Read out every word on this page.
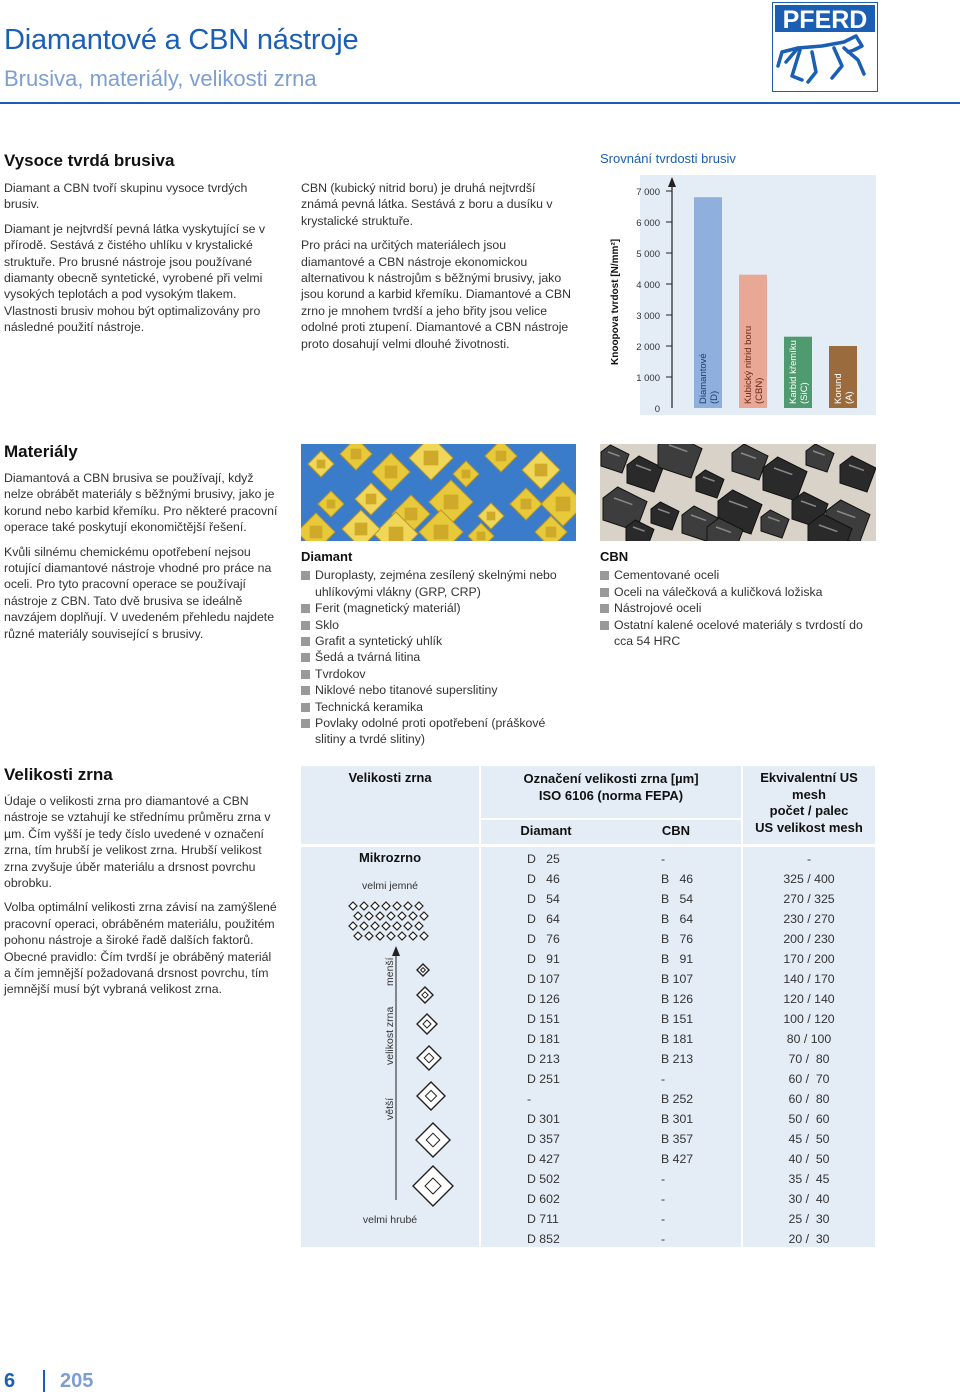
Diamantové a CBN nástroje
Brusiva, materiály, velikosti zrna
PFERD
Vysoce tvrdá brusiva

Diamant a CBN tvoří skupinu vysoce tvrdých brusiv.

Diamant je nejtvrdší pevná látka vyskytující se v přírodě. Sestává z čistého uhlíku v krystalické struktuře. Pro brusné nástroje jsou používané diamanty obecně syntetické, vyrobené při velmi vysokých teplotách a pod vysokým tlakem. Vlastnosti brusiv mohou být optimalizovány pro následné použití nástroje.

CBN (kubický nitrid boru) je druhá nejtvrdší známá pevná látka. Sestává z boru a dusíku v krystalické struktuře.

Pro práci na určitých materiálech jsou diamantové a CBN nástroje ekonomickou alternativou k nástrojům s běžnými brusivy, jako jsou korund a karbid křemíku. Diamantové a CBN zrno je mnohem tvrdší a jeho břity jsou velice odolné proti ztupení. Diamantové a CBN nástroje proto dosahují velmi dlouhé životnosti.

Srovnání tvrdosti brusiv
7 000
6 000
5 000
4 000
3 000
2 000
1 000
0
Knoopova tvrdost [N/mm²]
Diamantové(D) Kubický nitrid boru(CBN) Karbid křemíku(SiC) Korund(A)
Materiály

Diamantová a CBN brusiva se používají, když nelze obrábět materiály s běžnými brusivy, jako je korund nebo karbid křemíku. Pro některé pracovní operace také poskytují ekonomičtější řešení.

Kvůli silnému chemickému opotřebení nejsou rotující diamantové nástroje vhodné pro práce na oceli. Pro tyto pracovní operace se používají nástroje z CBN. Tato dvě brusiva se ideálně navzájem doplňují. V uvedeném přehledu najdete různé materiály související s brusivy.

Diamant
Duroplasty, zejména zesílený skelnými nebo uhlíkovými vlákny (GRP, CRP)
Ferit (magnetický materiál)
Sklo
Grafit a syntetický uhlík
Šedá a tvárná litina
Tvrdokov
Niklové nebo titanové superslitiny
Technická keramika
Povlaky odolné proti opotřebení (práškové slitiny a tvrdé slitiny)
CBN
Cementované oceli
Oceli na válečková a kuličková ložiska
Nástrojové oceli
Ostatní kalené ocelové materiály s tvrdostí do cca 54 HRC
Velikosti zrna

Údaje o velikosti zrna pro diamantové a CBN nástroje se vztahují ke střednímu průměru zrna v µm. Čím vyšší je tedy číslo uvedené v označení zrna, tím hrubší je velikost zrna. Hrubší velikost zrna zvyšuje úběr materiálu a drsnost povrchu obrobku.

Volba optimální velikosti zrna závisí na zamýšlené pracovní operaci, obráběném materiálu, použitém pohonu nástroje a široké řadě dalších faktorů. Obecné pravidlo: Čím tvrdší je obráběný materiál a čím jemnější požadovaná drsnost povrchu, tím jemnější musí být vybraná velikost zrna.

Velikosti zrna	Označení velikosti zrna [µm]
ISO 6106 (norma FEPA)
Ekvivalentní US
mesh
počet / palec
US velikost mesh
Diamant	CBN
Mikrozrno
velmi jemné
velmi hrubé
menší
velikost zrna
větší
D   25	-	-
D   46	B   46	325 / 400
D   54	B   54	270 / 325
D   64	B   64	230 / 270
D   76	B   76	200 / 230
D   91	B   91	170 / 200
D 107	B 107	140 / 170
D 126	B 126	120 / 140
D 151	B 151	100 / 120
D 181	B 181	80 / 100
D 213	B 213	70 /  80
D 251	-	60 /  70
-	B 252	60 /  80
D 301	B 301	50 /  60
D 357	B 357	45 /  50
D 427	B 427	40 /  50
D 502	-	35 /  45
D 602	-	30 /  40
D 711	-	25 /  30
D 852	-	20 /  30
6 205
